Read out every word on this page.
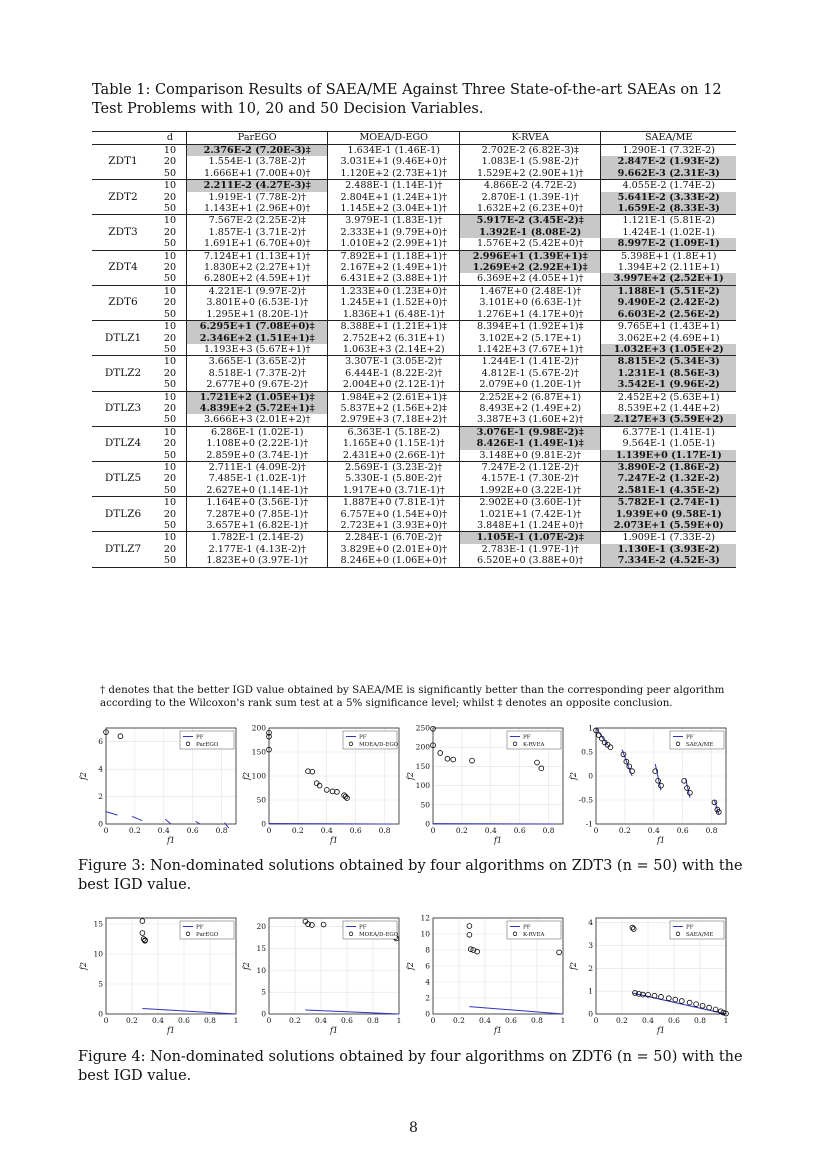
Table 1: Comparison Results of SAEA/ME Against Three State-of-the-art SAEAs on 12 Test Problems with 10, 20 and 50 Decision Variables.
	d	ParEGO	MOEA/D-EGO	K-RVEA	SAEA/ME
ZDT1	10	2.376E-2 (7.20E-3)‡	1.634E-1 (1.46E-1)	2.702E-2 (6.82E-3)‡	1.290E-1 (7.32E-2)
	20	1.554E-1 (3.78E-2)†	3.031E+1 (9.46E+0)†	1.083E-1 (5.98E-2)†	2.847E-2 (1.93E-2)
	50	1.666E+1 (7.00E+0)†	1.120E+2 (2.73E+1)†	1.529E+2 (2.90E+1)†	9.662E-3 (2.31E-3)
ZDT2	10	2.211E-2 (4.27E-3)‡	2.488E-1 (1.14E-1)†	4.866E-2 (4.72E-2)	4.055E-2 (1.74E-2)
	20	1.919E-1 (7.78E-2)†	2.804E+1 (1.24E+1)†	2.870E-1 (1.39E-1)†	5.641E-2 (3.33E-2)
	50	1.143E+1 (2.96E+0)†	1.145E+2 (3.04E+1)†	1.632E+2 (6.23E+0)†	1.659E-2 (8.33E-3)
ZDT3	10	7.567E-2 (2.25E-2)‡	3.979E-1 (1.83E-1)†	5.917E-2 (3.45E-2)‡	1.121E-1 (5.81E-2)
	20	1.857E-1 (3.71E-2)†	2.333E+1 (9.79E+0)†	1.392E-1 (8.08E-2)	1.424E-1 (1.02E-1)
	50	1.691E+1 (6.70E+0)†	1.010E+2 (2.99E+1)†	1.576E+2 (5.42E+0)†	8.997E-2 (1.09E-1)
ZDT4	10	7.124E+1 (1.13E+1)†	7.892E+1 (1.18E+1)†	2.996E+1 (1.39E+1)‡	5.398E+1 (1.8E+1)
	20	1.830E+2 (2.27E+1)†	2.167E+2 (1.49E+1)†	1.269E+2 (2.92E+1)‡	1.394E+2 (2.11E+1)
	50	6.280E+2 (4.59E+1)†	6.431E+2 (3.88E+1)†	6.369E+2 (4.05E+1)†	3.997E+2 (2.52E+1)
ZDT6	10	4.221E-1 (9.97E-2)†	1.233E+0 (1.23E+0)†	1.467E+0 (2.48E-1)†	1.188E-1 (5.51E-2)
	20	3.801E+0 (6.53E-1)†	1.245E+1 (1.52E+0)†	3.101E+0 (6.63E-1)†	9.490E-2 (2.42E-2)
	50	1.295E+1 (8.20E-1)†	1.836E+1 (6.48E-1)†	1.276E+1 (4.17E+0)†	6.603E-2 (2.56E-2)
DTLZ1	10	6.295E+1 (7.08E+0)‡	8.388E+1 (1.21E+1)‡	8.394E+1 (1.92E+1)‡	9.765E+1 (1.43E+1)
	20	2.346E+2 (1.51E+1)‡	2.752E+2 (6.31E+1)	3.102E+2 (5.17E+1)	3.062E+2 (4.69E+1)
	50	1.193E+3 (5.67E+1)†	1.063E+3 (2.14E+2)	1.142E+3 (7.67E+1)†	1.032E+3 (1.05E+2)
DTLZ2	10	3.665E-1 (3.65E-2)†	3.307E-1 (3.05E-2)†	1.244E-1 (1.41E-2)†	8.815E-2 (5.34E-3)
	20	8.518E-1 (7.37E-2)†	6.444E-1 (8.22E-2)†	4.812E-1 (5.67E-2)†	1.231E-1 (8.56E-3)
	50	2.677E+0 (9.67E-2)†	2.004E+0 (2.12E-1)†	2.079E+0 (1.20E-1)†	3.542E-1 (9.96E-2)
DTLZ3	10	1.721E+2 (1.05E+1)‡	1.984E+2 (2.61E+1)‡	2.252E+2 (6.87E+1)	2.452E+2 (5.63E+1)
	20	4.839E+2 (5.72E+1)‡	5.837E+2 (1.56E+2)‡	8.493E+2 (1.49E+2)	8.539E+2 (1.44E+2)
	50	3.666E+3 (2.01E+2)†	2.979E+3 (7.18E+2)†	3.387E+3 (1.60E+2)†	2.127E+3 (5.59E+2)
DTLZ4	10	6.286E-1 (1.02E-1)	6.363E-1 (5.18E-2)	3.076E-1 (9.98E-2)‡	6.377E-1 (1.41E-1)
	20	1.108E+0 (2.22E-1)†	1.165E+0 (1.15E-1)†	8.426E-1 (1.49E-1)‡	9.564E-1 (1.05E-1)
	50	2.859E+0 (3.74E-1)†	2.431E+0 (2.66E-1)†	3.148E+0 (9.81E-2)†	1.139E+0 (1.17E-1)
DTLZ5	10	2.711E-1 (4.09E-2)†	2.569E-1 (3.23E-2)†	7.247E-2 (1.12E-2)†	3.890E-2 (1.86E-2)
	20	7.485E-1 (1.02E-1)†	5.330E-1 (5.80E-2)†	4.157E-1 (7.30E-2)†	7.247E-2 (1.32E-2)
	50	2.627E+0 (1.14E-1)†	1.917E+0 (3.71E-1)†	1.992E+0 (3.22E-1)†	2.581E-1 (4.35E-2)
DTLZ6	10	1.164E+0 (3.56E-1)†	1.887E+0 (7.81E-1)†	2.902E+0 (3.60E-1)†	5.782E-1 (2.74E-1)
	20	7.287E+0 (7.85E-1)†	6.757E+0 (1.54E+0)†	1.021E+1 (7.42E-1)†	1.939E+0 (9.58E-1)
	50	3.657E+1 (6.82E-1)†	2.723E+1 (3.93E+0)†	3.848E+1 (1.24E+0)†	2.073E+1 (5.59E+0)
DTLZ7	10	1.782E-1 (2.14E-2)	2.284E-1 (6.70E-2)†	1.105E-1 (1.07E-2)‡	1.909E-1 (7.33E-2)
	20	2.177E-1 (4.13E-2)†	3.829E+0 (2.01E+0)†	2.783E-1 (1.97E-1)†	1.130E-1 (3.93E-2)
	50	1.823E+0 (3.97E-1)†	8.246E+0 (1.06E+0)†	6.520E+0 (3.88E+0)†	7.334E-2 (4.52E-3)
† denotes that the better IGD value obtained by SAEA/ME is significantly better than the corresponding peer algorithm according to the Wilcoxon's rank sum test at a 5% significance level; whilst ‡ denotes an opposite conclusion.
0	0.2 0.4 0.6 0.8
0
2
4
6
f1
f2
PF
ParEGO
0	0.2 0.4 0.6 0.8
0
50
100
150
200
f1
f2
PF
MOEA/D-EGO
0	0.2 0.4 0.6 0.8
0
50
100
150
200
250
f1
f2
PF
K-RVEA
0	0.2 0.4 0.6 0.8
-1
-0.5
0
0.5
1
f1
f2
PF
SAEA/ME
Figure 3: Non-dominated solutions obtained by four algorithms on ZDT3 (n = 50) with the best IGD value.
0 0.2 0.4 0.6 0.8 1
0
5
10
15
f1
f2
PF
ParEGO
0 0.2 0.4 0.6 0.8 1
0
5
10
15
20
f1
f2
PF
MOEA/D-EGO
0 0.2 0.4 0.6 0.8 1
0
2
4
6
8
10
12
f1
f2
PF
K-RVEA
0 0.2 0.4 0.6 0.8 1
0
1
2
3
4
f1
f2
PF
SAEA/ME
Figure 4: Non-dominated solutions obtained by four algorithms on ZDT6 (n = 50) with the best IGD value.
8
